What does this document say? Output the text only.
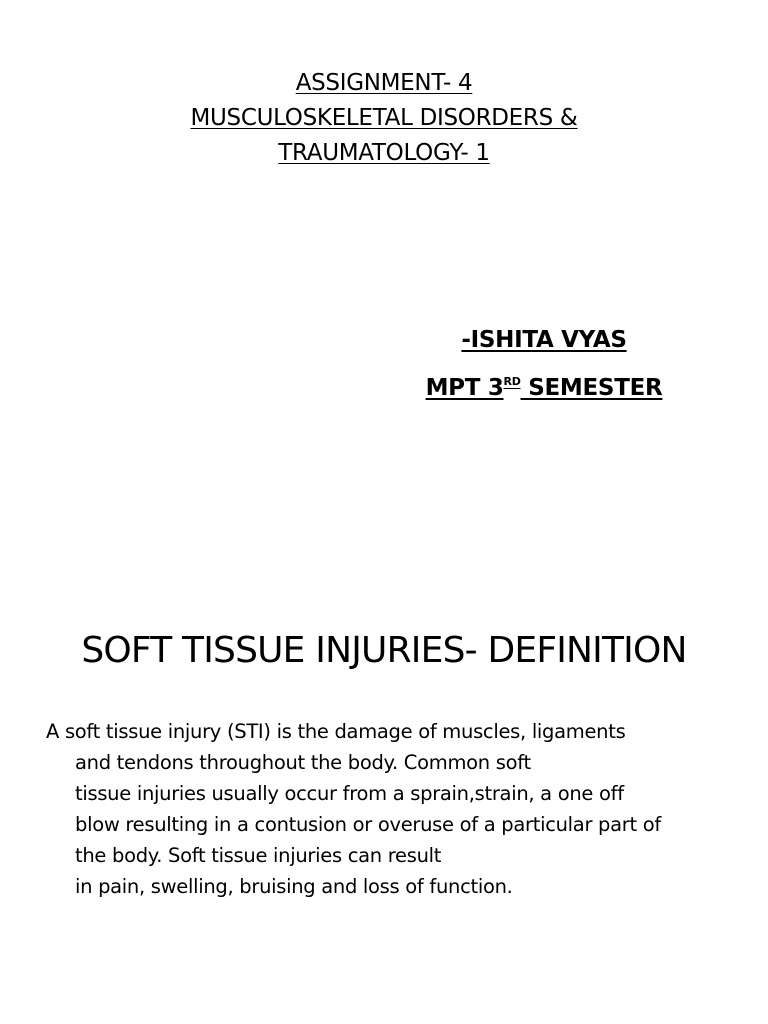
ASSIGNMENT- 4
MUSCULOSKELETAL DISORDERS &
TRAUMATOLOGY- 1
-ISHITA VYAS
MPT 3RD SEMESTER
SOFT TISSUE INJURIES- DEFINITION
A soft tissue injury (STI) is the damage of muscles, ligaments
and tendons throughout the body. Common soft
tissue injuries usually occur from a sprain,strain, a one off
blow resulting in a contusion or overuse of a particular part of
the body. Soft tissue injuries can result
in pain, swelling, bruising and loss of function.
